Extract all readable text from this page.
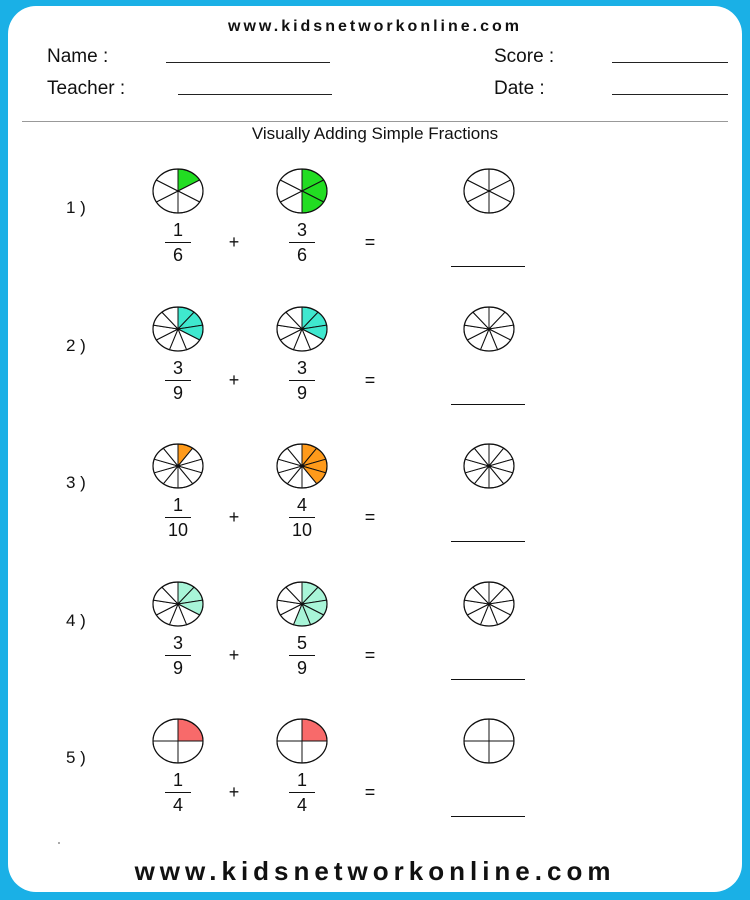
www.kidsnetworkonline.com
Name :
Teacher :
Score :
Date :
Visually Adding Simple Fractions
1 )
1
6
3
6
+	=
2 )
3
9
3
9
+	=
3 )
1
10
4
10
+	=
4 )
3
9
5
9
+	=
5 )
1
4
1
4
+	=
www.kidsnetworkonline.com
